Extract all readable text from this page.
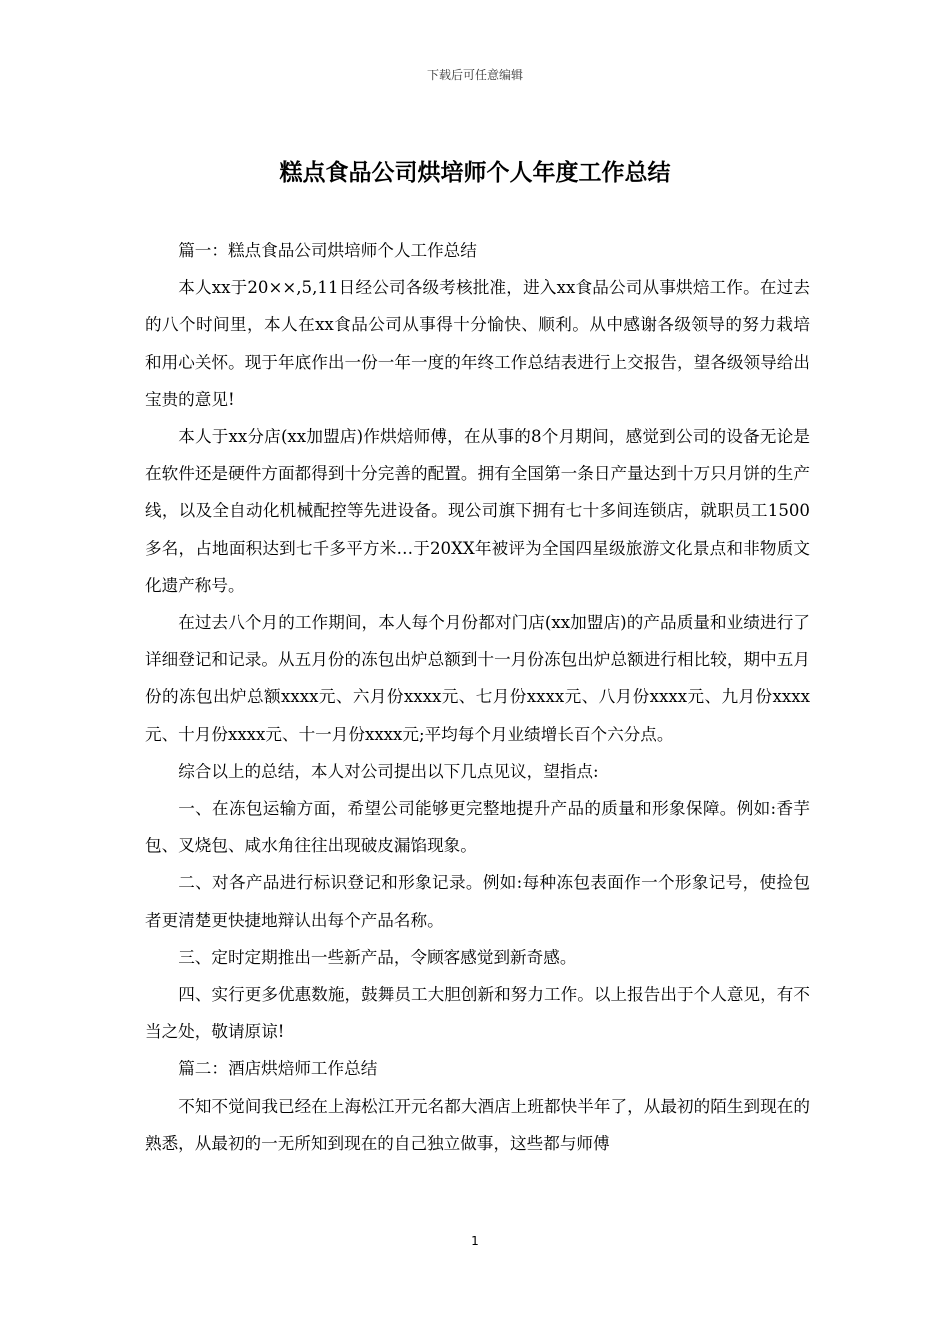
下载后可任意编辑
糕点食品公司烘培师个人年度工作总结

篇一：糕点食品公司烘培师个人工作总结

本人xx于20××,5,11日经公司各级考核批准，进入xx食品公司从事烘焙工作。在过去的八个时间里，本人在xx食品公司从事得十分愉快、顺利。从中感谢各级领导的努力栽培和用心关怀。现于年底作出一份一年一度的年终工作总结表进行上交报告，望各级领导给出宝贵的意见!

本人于xx分店(xx加盟店)作烘焙师傅，在从事的8个月期间，感觉到公司的设备无论是在软件还是硬件方面都得到十分完善的配置。拥有全国第一条日产量达到十万只月饼的生产线，以及全自动化机械配控等先进设备。现公司旗下拥有七十多间连锁店，就职员工1500多名，占地面积达到七千多平方米…于20XX年被评为全国四星级旅游文化景点和非物质文化遗产称号。

在过去八个月的工作期间，本人每个月份都对门店(xx加盟店)的产品质量和业绩进行了详细登记和记录。从五月份的冻包出炉总额到十一月份冻包出炉总额进行相比较，期中五月份的冻包出炉总额xxxx元、六月份xxxx元、七月份xxxx元、八月份xxxx元、九月份xxxx元、十月份xxxx元、十一月份xxxx元;平均每个月业绩增长百个六分点。

综合以上的总结，本人对公司提出以下几点见议，望指点:

一、在冻包运输方面，希望公司能够更完整地提升产品的质量和形象保障。例如:香芋包、叉烧包、咸水角往往出现破皮漏馅现象。

二、对各产品进行标识登记和形象记录。例如:每种冻包表面作一个形象记号，使捡包者更清楚更快捷地辩认出每个产品名称。

三、定时定期推出一些新产品，令顾客感觉到新奇感。

四、实行更多优惠数施，鼓舞员工大胆创新和努力工作。以上报告出于个人意见，有不当之处，敬请原谅!

篇二：酒店烘焙师工作总结

不知不觉间我已经在上海松江开元名都大酒店上班都快半年了，从最初的陌生到现在的熟悉，从最初的一无所知到现在的自己独立做事，这些都与师傅

1
